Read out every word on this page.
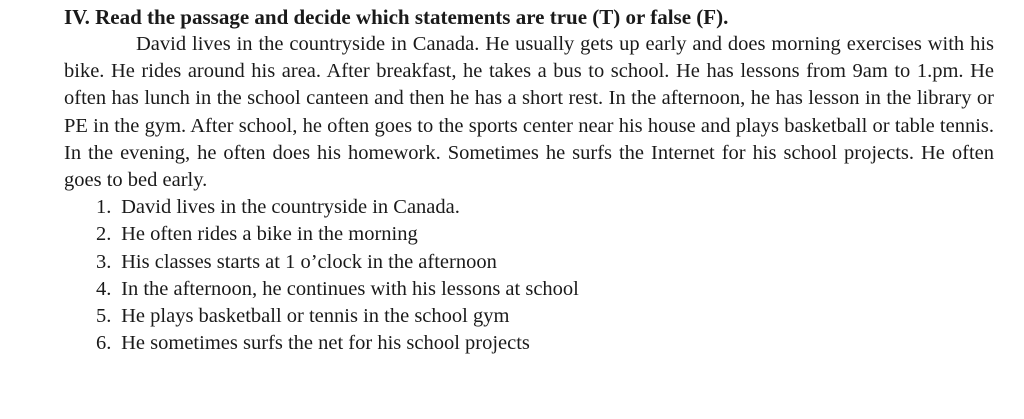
IV. Read the passage and decide which statements are true (T) or false (F).

David lives in the countryside in Canada. He usually gets up early and does morning exercises with his bike. He rides around his area. After breakfast, he takes a bus to school. He has lessons from 9am to 1.pm. He often has lunch in the school canteen and then he has a short rest. In the afternoon, he has lesson in the library or PE in the gym. After school, he often goes to the sports center near his house and plays basketball or table tennis. In the evening, he often does his homework. Sometimes he surfs the Internet for his school projects. He often goes to bed early.

1. David lives in the countryside in Canada.
2. He often rides a bike in the morning
3. His classes starts at 1 o’clock in the afternoon
4. In the afternoon, he continues with his lessons at school
5. He plays basketball or tennis in the school gym
6. He sometimes surfs the net for his school projects
